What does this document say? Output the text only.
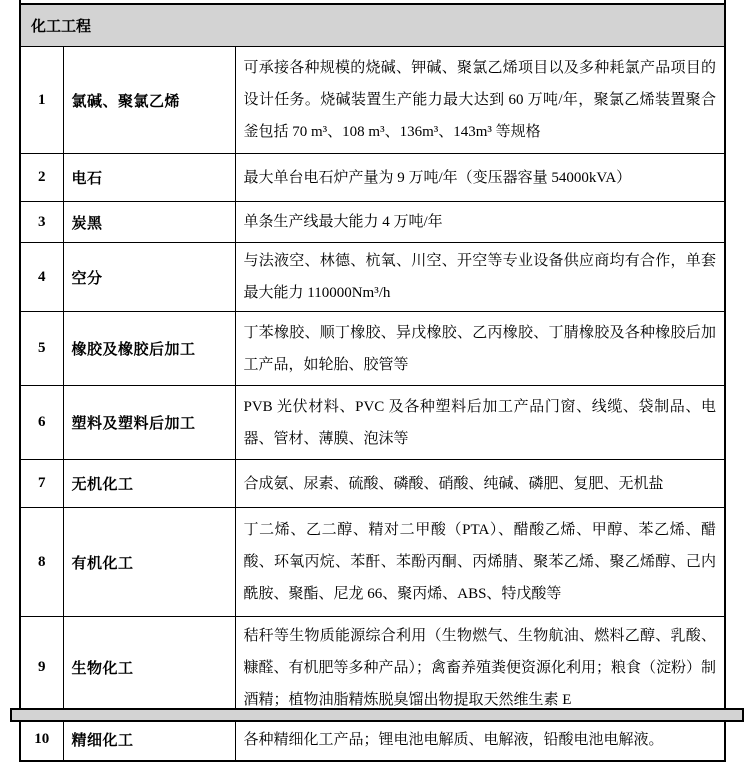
化工工程		
1	氯碱、聚氯乙烯	可承接各种规模的烧碱、钾碱、聚氯乙烯项目以及多种耗氯产品项目的设计任务。烧碱装置生产能力最大达到 60 万吨/年，聚氯乙烯装置聚合釜包括 70 m³、108 m³、136m³、143m³ 等规格
2	电石	最大单台电石炉产量为 9 万吨/年（变压器容量 54000kVA）
3	炭黑	单条生产线最大能力 4 万吨/年
4	空分	与法液空、林德、杭氧、川空、开空等专业设备供应商均有合作，单套最大能力 110000Nm³/h
5	橡胶及橡胶后加工	丁苯橡胶、顺丁橡胶、异戊橡胶、乙丙橡胶、丁腈橡胶及各种橡胶后加工产品，如轮胎、胶管等
6	塑料及塑料后加工	PVB 光伏材料、PVC 及各种塑料后加工产品门窗、线缆、袋制品、电器、管材、薄膜、泡沫等
7	无机化工	合成氨、尿素、硫酸、磷酸、硝酸、纯碱、磷肥、复肥、无机盐
8	有机化工	丁二烯、乙二醇、精对二甲酸（PTA）、醋酸乙烯、甲醇、苯乙烯、醋酸、环氧丙烷、苯酐、苯酚丙酮、丙烯腈、聚苯乙烯、聚乙烯醇、己内酰胺、聚酯、尼龙 66、聚丙烯、ABS、特戊酸等
9	生物化工	秸秆等生物质能源综合利用（生物燃气、生物航油、燃料乙醇、乳酸、糠醛、有机肥等多种产品）；禽畜养殖粪便资源化利用；粮食（淀粉）制酒精；植物油脂精炼脱臭馏出物提取天然维生素 E
10	精细化工	各种精细化工产品；锂电池电解质、电解液，铅酸电池电解液。
